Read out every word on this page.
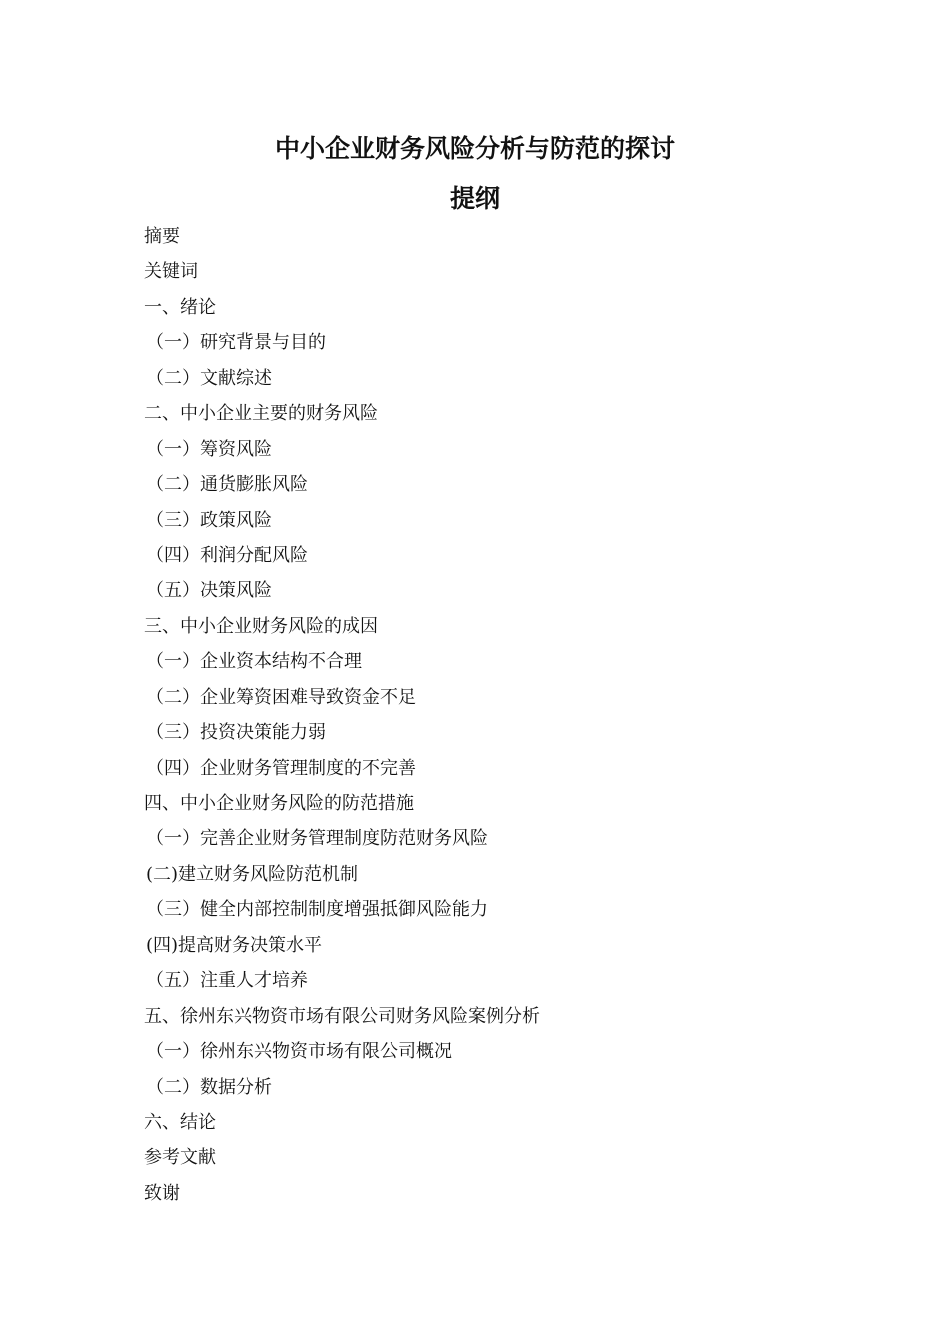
中小企业财务风险分析与防范的探讨
提纲
摘要
关键词
一、绪论
（一）研究背景与目的
（二）文献综述
二、中小企业主要的财务风险
（一）筹资风险
（二）通货膨胀风险
（三）政策风险
（四）利润分配风险
（五）决策风险
三、中小企业财务风险的成因
（一）企业资本结构不合理
（二）企业筹资困难导致资金不足
（三）投资决策能力弱
（四）企业财务管理制度的不完善
四、中小企业财务风险的防范措施
（一）完善企业财务管理制度防范财务风险
(二)建立财务风险防范机制
（三）健全内部控制制度增强抵御风险能力
(四)提高财务决策水平
（五）注重人才培养
五、徐州东兴物资市场有限公司财务风险案例分析
（一）徐州东兴物资市场有限公司概况
（二）数据分析
六、结论
参考文献
致谢
